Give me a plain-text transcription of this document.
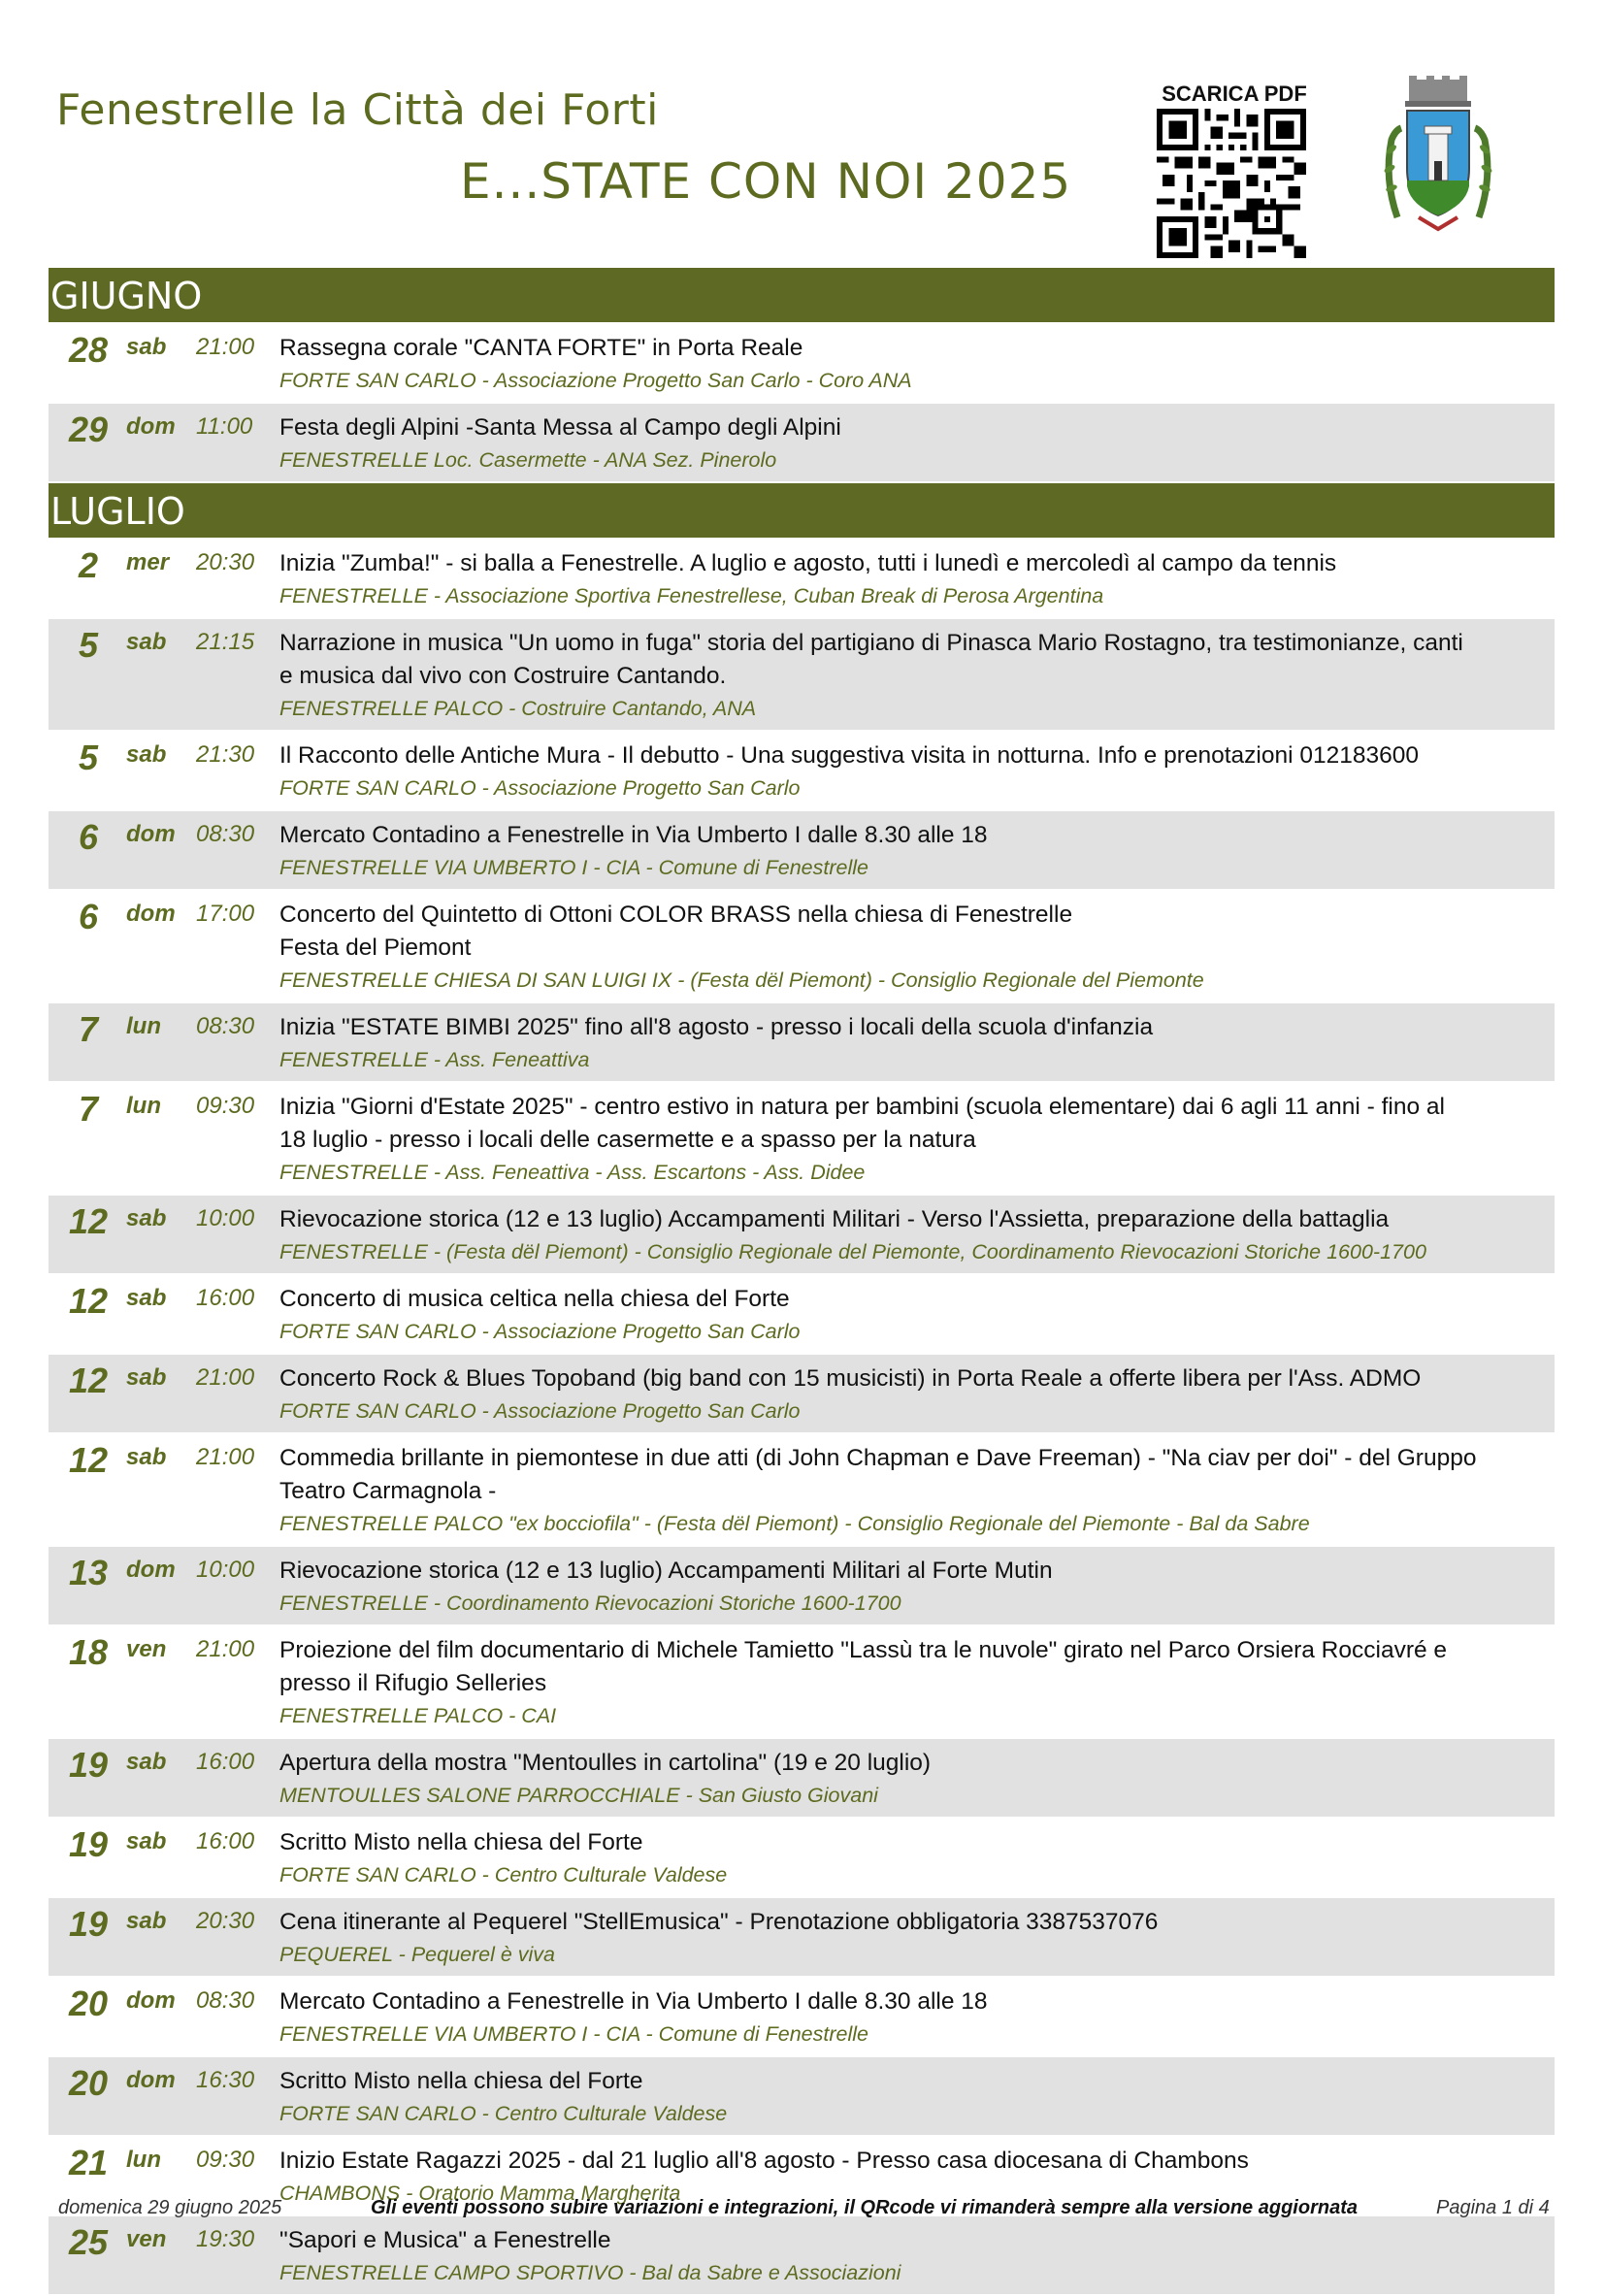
Fenestrelle la Città dei Forti
E...STATE CON NOI 2025
SCARICA PDF
GIUGNO
28 sab 21:00 Rassegna corale "CANTA FORTE" in Porta Reale
FORTE SAN CARLO - Associazione Progetto San Carlo - Coro ANA
29 dom 11:00 Festa degli Alpini -Santa Messa al Campo degli Alpini
FENESTRELLE Loc. Casermette - ANA Sez. Pinerolo
LUGLIO
2	mer 20:30 Inizia "Zumba!" - si balla a Fenestrelle. A luglio e agosto, tutti i lunedì e mercoledì al campo da tennis
FENESTRELLE - Associazione Sportiva Fenestrellese, Cuban Break di Perosa Argentina
5	sab 21:15 Narrazione in musica "Un uomo in fuga" storia del partigiano di Pinasca Mario Rostagno, tra testimonianze, canti
e musica dal vivo con Costruire Cantando.
FENESTRELLE PALCO - Costruire Cantando, ANA
5	sab 21:30 Il Racconto delle Antiche Mura - Il debutto - Una suggestiva visita in notturna. Info e prenotazioni 012183600
FORTE SAN CARLO - Associazione Progetto San Carlo
6	dom 08:30 Mercato Contadino a Fenestrelle in Via Umberto I dalle 8.30 alle 18
FENESTRELLE VIA UMBERTO I - CIA - Comune di Fenestrelle
6	dom 17:00 Concerto del Quintetto di Ottoni COLOR BRASS nella chiesa di Fenestrelle
Festa del Piemont
FENESTRELLE CHIESA DI SAN LUIGI IX - (Festa dël Piemont) - Consiglio Regionale del Piemonte
7	lun 08:30 Inizia "ESTATE BIMBI 2025" fino all'8 agosto - presso i locali della scuola d'infanzia
FENESTRELLE - Ass. Feneattiva
7	lun 09:30 Inizia "Giorni d'Estate 2025" - centro estivo in natura per bambini (scuola elementare) dai 6 agli 11 anni - fino al
18 luglio - presso i locali delle casermette e a spasso per la natura
FENESTRELLE - Ass. Feneattiva - Ass. Escartons - Ass. Didee
12 sab 10:00 Rievocazione storica (12 e 13 luglio) Accampamenti Militari - Verso l'Assietta, preparazione della battaglia
FENESTRELLE - (Festa dël Piemont) - Consiglio Regionale del Piemonte, Coordinamento Rievocazioni Storiche 1600-1700
12 sab 16:00 Concerto di musica celtica nella chiesa del Forte
FORTE SAN CARLO - Associazione Progetto San Carlo
12 sab 21:00 Concerto Rock & Blues Topoband (big band con 15 musicisti) in Porta Reale a offerte libera per l'Ass. ADMO
FORTE SAN CARLO - Associazione Progetto San Carlo
12 sab 21:00 Commedia brillante in piemontese in due atti (di John Chapman e Dave Freeman) - "Na ciav per doi" - del Gruppo
Teatro Carmagnola -
FENESTRELLE PALCO "ex bocciofila" - (Festa dël Piemont) - Consiglio Regionale del Piemonte - Bal da Sabre
13 dom 10:00 Rievocazione storica (12 e 13 luglio) Accampamenti Militari al Forte Mutin
FENESTRELLE - Coordinamento Rievocazioni Storiche 1600-1700
18 ven 21:00 Proiezione del film documentario di Michele Tamietto "Lassù tra le nuvole" girato nel Parco Orsiera Rocciavré e
presso il Rifugio Selleries
FENESTRELLE PALCO - CAI
19 sab 16:00 Apertura della mostra "Mentoulles in cartolina" (19 e 20 luglio)
MENTOULLES SALONE PARROCCHIALE - San Giusto Giovani
19 sab 16:00 Scritto Misto nella chiesa del Forte
FORTE SAN CARLO - Centro Culturale Valdese
19 sab 20:30 Cena itinerante al Pequerel "StellEmusica" - Prenotazione obbligatoria 3387537076
PEQUEREL - Pequerel è viva
20 dom 08:30 Mercato Contadino a Fenestrelle in Via Umberto I dalle 8.30 alle 18
FENESTRELLE VIA UMBERTO I - CIA - Comune di Fenestrelle
20 dom 16:30 Scritto Misto nella chiesa del Forte
FORTE SAN CARLO - Centro Culturale Valdese
21 lun 09:30 Inizio Estate Ragazzi 2025 - dal 21 luglio all'8 agosto - Presso casa diocesana di Chambons
CHAMBONS - Oratorio Mamma Margherita
25 ven 19:30 "Sapori e Musica" a Fenestrelle
FENESTRELLE CAMPO SPORTIVO - Bal da Sabre e Associazioni
domenica 29 giugno 2025	Gli eventi possono subire variazioni e integrazioni, il QRcode vi rimanderà sempre alla versione aggiornata	Pagina 1 di 4
